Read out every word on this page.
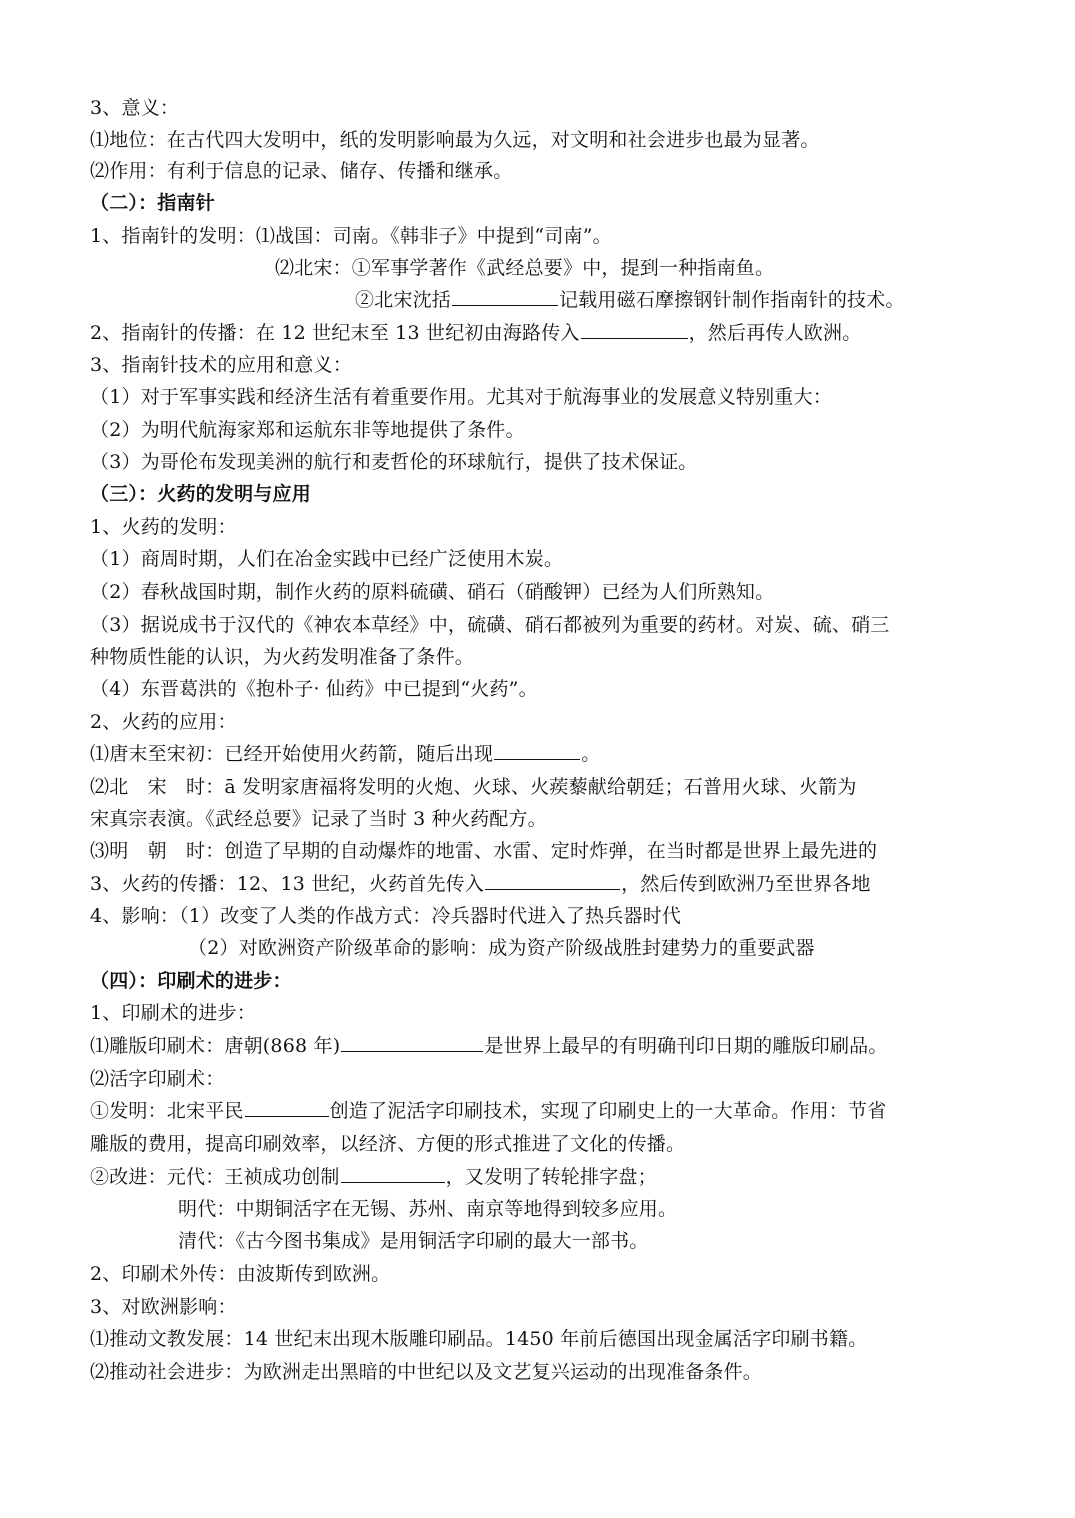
3、意义：
⑴地位：在古代四大发明中，纸的发明影响最为久远，对文明和社会进步也最为显著。
⑵作用：有利于信息的记录、储存、传播和继承。
（二）：指南针
1、指南针的发明：⑴战国：司南。《韩非子》中提到“司南”。
⑵北宋：①军事学著作《武经总要》中，提到一种指南鱼。
②北宋沈括	记载用磁石摩擦钢针制作指南针的技术。
2、指南针的传播：在 12 世纪末至 13 世纪初由海路传入	，然后再传人欧洲。
3、指南针技术的应用和意义：
（1）对于军事实践和经济生活有着重要作用。尤其对于航海事业的发展意义特别重大：
（2）为明代航海家郑和运航东非等地提供了条件。
（3）为哥伦布发现美洲的航行和麦哲伦的环球航行，提供了技术保证。
（三）：火药的发明与应用
1、火药的发明：
（1）商周时期，人们在冶金实践中已经广泛使用木炭。
（2）春秋战国时期，制作火药的原料硫磺、硝石（硝酸钾）已经为人们所熟知。
（3）据说成书于汉代的《神农本草经》中，硫磺、硝石都被列为重要的药材。对炭、硫、硝三
种物质性能的认识，为火药发明准备了条件。
（4）东晋葛洪的《抱朴子· 仙药》中已提到“火药”。
2、火药的应用：
⑴唐末至宋初：已经开始使用火药箭，随后出现	。
⑵北　宋　时：ā 发明家唐福将发明的火炮、火球、火蒺藜献给朝廷；石普用火球、火箭为
宋真宗表演。《武经总要》记录了当时 3 种火药配方。
⑶明　朝　时：创造了早期的自动爆炸的地雷、水雷、定时炸弹，在当时都是世界上最先进的
3、火药的传播：12、13 世纪，火药首先传入	，然后传到欧洲乃至世界各地
4、影响：（1）改变了人类的作战方式：冷兵器时代进入了热兵器时代
（2）对欧洲资产阶级革命的影响：成为资产阶级战胜封建势力的重要武器
（四）：印刷术的进步：
1、印刷术的进步：
⑴雕版印刷术：唐朝(868 年)	是世界上最早的有明确刊印日期的雕版印刷品。
⑵活字印刷术：
①发明：北宋平民	创造了泥活字印刷技术，实现了印刷史上的一大革命。作用：节省
雕版的费用，提高印刷效率，以经济、方便的形式推进了文化的传播。
②改进：元代：王祯成功创制	，又发明了转轮排字盘；
明代：中期铜活字在无锡、苏州、南京等地得到较多应用。
清代：《古今图书集成》是用铜活字印刷的最大一部书。
2、印刷术外传：由波斯传到欧洲。
3、对欧洲影响：
⑴推动文教发展：14 世纪末出现木版雕印刷品。1450 年前后德国出现金属活字印刷书籍。
⑵推动社会进步：为欧洲走出黑暗的中世纪以及文艺复兴运动的出现准备条件。
